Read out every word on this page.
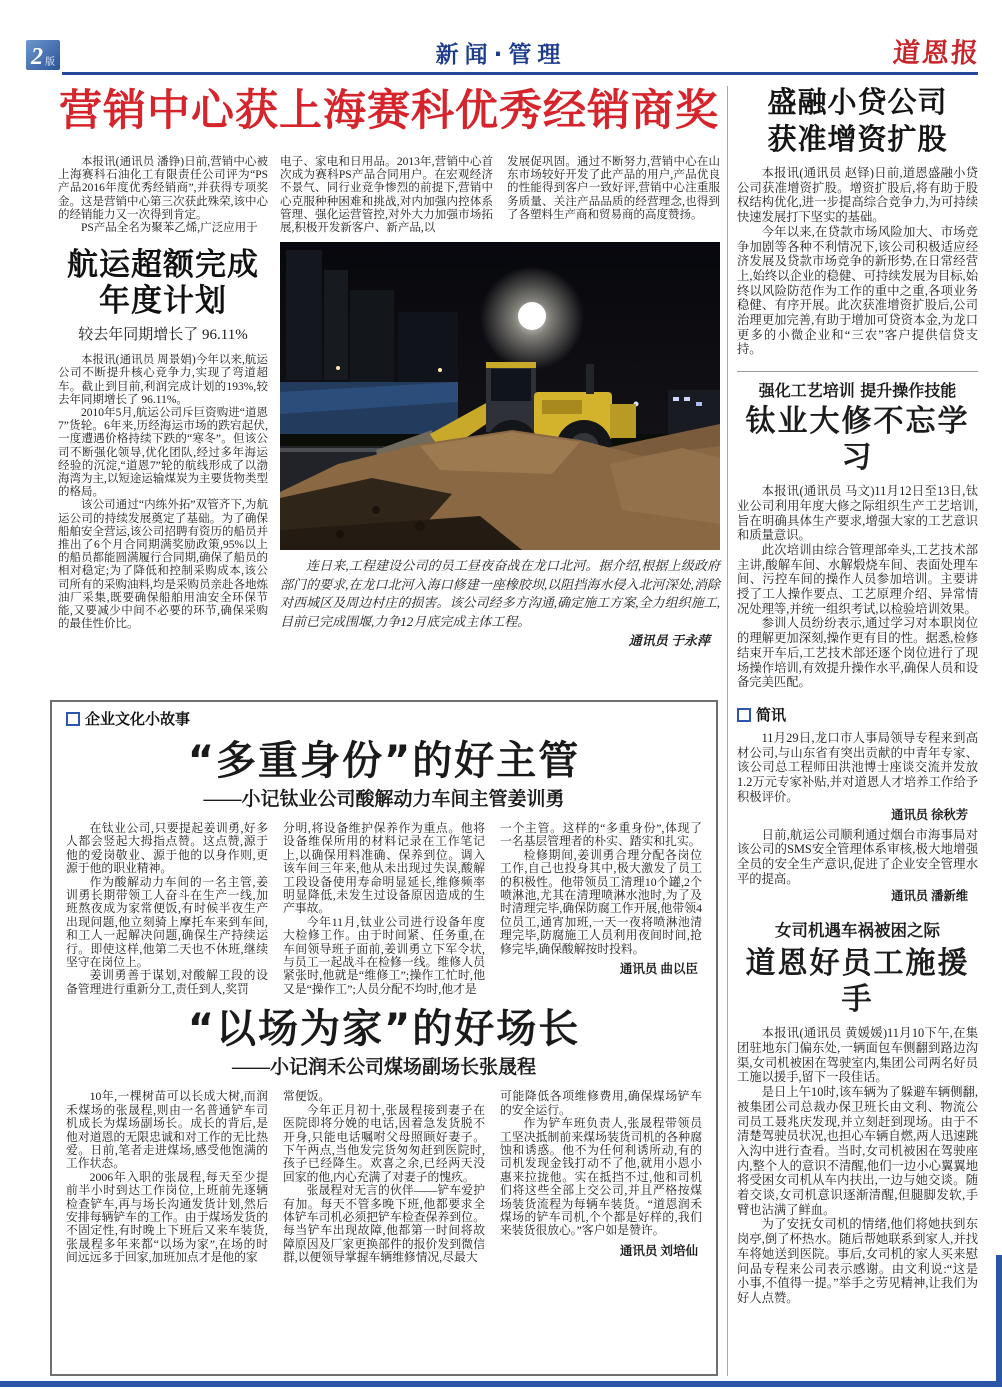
2 版	新闻·管理	道恩报
营销中心获上海赛科优秀经销商奖

本报讯(通讯员 潘铮)日前,营销中心被上海赛科石油化工有限责任公司评为“PS产品2016年度优秀经销商”,并获得专项奖金。这是营销中心第三次获此殊荣,该中心的经销能力又一次得到肯定。

PS产品全名为聚苯乙烯,广泛应用于

航运超额完成
年度计划
较去年同期增长了 96.11%

本报讯(通讯员 周景娟)今年以来,航运公司不断提升核心竞争力,实现了弯道超车。截止到目前,利润完成计划的193%,较去年同期增长了 96.11%。

2010年5月,航运公司斥巨资购进“道恩7”货轮。6年来,历经海运市场的跌宕起伏,一度遭遇价格持续下跌的“寒冬”。但该公司不断强化领导,优化团队,经过多年海运经验的沉淀,“道恩7”轮的航线形成了以渤海湾为主,以短途运输煤炭为主要货物类型的格局。

该公司通过“内练外拓”双管齐下,为航运公司的持续发展奠定了基础。为了确保船舶安全营运,该公司招聘有资历的船员并推出了6个月合同期满奖励政策,95%以上的船员都能圆满履行合同期,确保了船员的相对稳定;为了降低和控制采购成本,该公司所有的采购油料,均是采购员亲赴各地炼油厂采集,既要确保船舶用油安全环保节能,又要减少中间不必要的环节,确保采购的最佳性价比。

电子、家电和日用品。2013年,营销中心首次成为赛科PS产品合同用户。在宏观经济不景气、同行业竞争惨烈的前提下,营销中心克服种种困难和挑战,对内加强内控体系管理、强化运营管控,对外大力加强市场拓展,积极开发新客户、新产品,以

发展促巩固。通过不断努力,营销中心在山东市场较好开发了此产品的用户,产品优良的性能得到客户一致好评,营销中心注重服务质量、关注产品品质的经营理念,也得到了各塑料生产商和贸易商的高度赞扬。

连日来,工程建设公司的员工昼夜奋战在龙口北河。据介绍,根据上级政府部门的要求,在龙口北河入海口修建一座橡胶坝,以阻挡海水侵入北河深处,消除对西城区及周边村庄的损害。该公司经多方沟通,确定施工方案,全力组织施工,目前已完成围堰,力争12月底完成主体工程。

通讯员 于永萍
企业文化小故事
“多重身份”的好主管
——小记钛业公司酸解动力车间主管姜训勇

在钛业公司,只要提起姜训勇,好多人都会竖起大拇指点赞。这点赞,源于他的爱岗敬业、源于他的以身作则,更源于他的职业精神。

作为酸解动力车间的一名主管,姜训勇长期带领工人奋斗在生产一线,加班熬夜成为家常便饭,有时候半夜生产出现问题,他立刻骑上摩托车来到车间,和工人一起解决问题,确保生产持续运行。即使这样,他第二天也不休班,继续坚守在岗位上。

姜训勇善于谋划,对酸解工段的设备管理进行重新分工,责任到人,奖罚

分明,将设备维护保养作为重点。他将设备维保所用的材料记录在工作笔记上,以确保用料准确、保养到位。调入该车间三年来,他从未出现过失误,酸解工段设备使用寿命明显延长,维修频率明显降低,未发生过设备原因造成的生产事故。

今年11月,钛业公司进行设备年度大检修工作。由于时间紧、任务重,在车间领导班子面前,姜训勇立下军令状,与员工一起战斗在检修一线。维修人员紧张时,他就是“维修工”;操作工忙时,他又是“操作工”;人员分配不均时,他才是

一个主管。这样的“多重身份”,体现了一名基层管理者的朴实、踏实和扎实。

检修期间,姜训勇合理分配各岗位工作,自己也投身其中,极大激发了员工的积极性。他带领员工清理10个罐,2个喷淋池,尤其在清理喷淋水池时,为了及时清理完毕,确保防腐工作开展,他带领4位员工,通宵加班,一天一夜将喷淋池清理完毕,防腐施工人员利用夜间时间,抢修完毕,确保酸解按时投料。

通讯员 曲以臣
“以场为家”的好场长
——小记润禾公司煤场副场长张晟程

10年,一棵树苗可以长成大树,而润禾煤场的张晟程,则由一名普通铲车司机成长为煤场副场长。成长的背后,是他对道恩的无限忠诚和对工作的无比热爱。日前,笔者走进煤场,感受他饱满的工作状态。

2006年入职的张晟程,每天至少提前半小时到达工作岗位,上班前先逐辆检查铲车,再与场长沟通发货计划,然后安排每辆铲车的工作。由于煤场发货的不固定性,有时晚上下班后又来车装货,张晟程多年来都“以场为家”,在场的时间远远多于回家,加班加点才是他的家

常便饭。

今年正月初十,张晟程接到妻子在医院即将分娩的电话,因着急发货脱不开身,只能电话嘱咐父母照顾好妻子。下午两点,当他发完货匆匆赶到医院时,孩子已经降生。欢喜之余,已经两天没回家的他,内心充满了对妻子的愧疚。

张晟程对无言的伙伴——铲车爱护有加。每天不管多晚下班,他都要求全体铲车司机必须把铲车检查保养到位。每当铲车出现故障,他都第一时间将故障原因及厂家更换部件的报价发到微信群,以便领导掌握车辆维修情况,尽最大

可能降低各项维修费用,确保煤场铲车的安全运行。

作为铲车班负责人,张晟程带领员工坚决抵制前来煤场装货司机的各种腐蚀和诱惑。他不为任何利诱所动,有的司机发现金钱打动不了他,就用小恩小惠来拉拢他。实在抵挡不过,他和司机们将这些全部上交公司,并且严格按煤场装货流程为每辆车装货。“道恩润禾煤场的铲车司机,个个都是好样的,我们来装货很放心。”客户如是赞许。

通讯员 刘培仙
盛融小贷公司
获准增资扩股

本报讯(通讯员 赵铎)日前,道恩盛融小贷公司获准增资扩股。增资扩股后,将有助于股权结构优化,进一步提高综合竞争力,为可持续快速发展打下坚实的基础。

今年以来,在贷款市场风险加大、市场竞争加剧等各种不利情况下,该公司积极适应经济发展及贷款市场竞争的新形势,在日常经营上,始终以企业的稳健、可持续发展为目标,始终以风险防范作为工作的重中之重,各项业务稳健、有序开展。此次获准增资扩股后,公司治理更加完善,有助于增加可贷资本金,为龙口更多的小微企业和“三农”客户提供信贷支持。

强化工艺培训 提升操作技能
钛业大修不忘学习

本报讯(通讯员 马文)11月12日至13日,钛业公司利用年度大修之际组织生产工艺培训,旨在明确具体生产要求,增强大家的工艺意识和质量意识。

此次培训由综合管理部牵头,工艺技术部主讲,酸解车间、水解煅烧车间、表面处理车间、污控车间的操作人员参加培训。主要讲授了工人操作要点、工艺原理介绍、异常情况处理等,并统一组织考试,以检验培训效果。

参训人员纷纷表示,通过学习对本职岗位的理解更加深刻,操作更有目的性。据悉,检修结束开车后,工艺技术部还逐个岗位进行了现场操作培训,有效提升操作水平,确保人员和设备完美匹配。

简讯

11月29日,龙口市人事局领导专程来到高材公司,与山东省有突出贡献的中青年专家、该公司总工程师田洪池博士座谈交流并发放1.2万元专家补贴,并对道恩人才培养工作给予积极评价。

通讯员 徐秋芳

日前,航运公司顺利通过烟台市海事局对该公司的SMS安全管理体系审核,极大地增强全员的安全生产意识,促进了企业安全管理水平的提高。

通讯员 潘新维
女司机遇车祸被困之际
道恩好员工施援手

本报讯(通讯员 黄媛媛)11月10下午,在集团驻地东门偏东处,一辆面包车侧翻到路边沟渠,女司机被困在驾驶室内,集团公司两名好员工施以援手,留下一段佳话。

是日上午10时,该车辆为了躲避车辆侧翻,被集团公司总裁办保卫班长由文利、物流公司员工聂兆庆发现,并立刻赶到现场。由于不清楚驾驶员状况,也担心车辆自燃,两人迅速跳入沟中进行查看。当时,女司机被困在驾驶座内,整个人的意识不清醒,他们一边小心翼翼地将受困女司机从车内扶出,一边与她交谈。随着交谈,女司机意识逐渐清醒,但腿脚发软,手臂也沾满了鲜血。

为了安抚女司机的情绪,他们将她扶到东岗亭,倒了杯热水。随后帮她联系到家人,并找车将她送到医院。事后,女司机的家人买来慰问品专程来公司表示感谢。由文利说:“这是小事,不值得一提。”举手之劳见精神,让我们为好人点赞。
